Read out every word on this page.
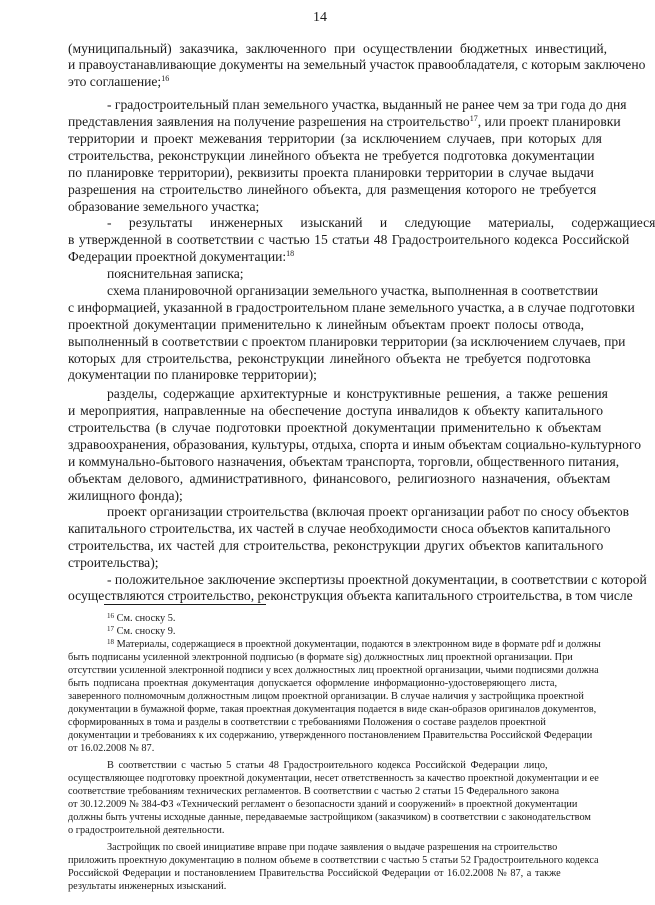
14
(муниципальный) заказчика, заключенного при осуществлении бюджетных инвестиций,
и правоустанавливающие документы на земельный участок правообладателя, с которым заключено
это соглашение;$^{16}$
- градостроительный план земельного участка, выданный не ранее чем за три года до дня
представления заявления на получение разрешения на строительство$^{17}$, или проект планировки
территории и проект межевания территории (за исключением случаев, при которых для
строительства, реконструкции линейного объекта не требуется подготовка документации
по планировке территории), реквизиты проекта планировки территории в случае выдачи
разрешения на строительство линейного объекта, для размещения которого не требуется
образование земельного участка;
- результаты инженерных изысканий и следующие материалы, содержащиеся
в утвержденной в соответствии с частью 15 статьи 48 Градостроительного кодекса Российской
Федерации проектной документации:$^{18}$
пояснительная записка;
схема планировочной организации земельного участка, выполненная в соответствии
с информацией, указанной в градостроительном плане земельного участка, а в случае подготовки
проектной документации применительно к линейным объектам проект полосы отвода,
выполненный в соответствии с проектом планировки территории (за исключением случаев, при
которых для строительства, реконструкции линейного объекта не требуется подготовка
документации по планировке территории);
разделы, содержащие архитектурные и конструктивные решения, а также решения
и мероприятия, направленные на обеспечение доступа инвалидов к объекту капитального
строительства (в случае подготовки проектной документации применительно к объектам
здравоохранения, образования, культуры, отдыха, спорта и иным объектам социально-культурного
и коммунально-бытового назначения, объектам транспорта, торговли, общественного питания,
объектам делового, административного, финансового, религиозного назначения, объектам
жилищного фонда);
проект организации строительства (включая проект организации работ по сносу объектов
капитального строительства, их частей в случае необходимости сноса объектов капитального
строительства, их частей для строительства, реконструкции других объектов капитального
строительства);
- положительное заключение экспертизы проектной документации, в соответствии с которой
осуществляются строительство, реконструкция объекта капитального строительства, в том числе
$^{16}$ См. сноску 5.
$^{17}$ См. сноску 9.
$^{18}$ Материалы, содержащиеся в проектной документации, подаются в электронном виде в формате pdf и должны
быть подписаны усиленной электронной подписью (в формате sig) должностных лиц проектной организации. При
отсутствии усиленной электронной подписи у всех должностных лиц проектной организации, чьими подписями должна
быть подписана проектная документация допускается оформление информационно-удостоверяющего листа,
заверенного полномочным должностным лицом проектной организации. В случае наличия у застройщика проектной
документации в бумажной форме, такая проектная документация подается в виде скан-образов оригиналов документов,
сформированных в тома и разделы в соответствии с требованиями Положения о составе разделов проектной
документации и требованиях к их содержанию, утвержденного постановлением Правительства Российской Федерации
от 16.02.2008 № 87.
В соответствии с частью 5 статьи 48 Градостроительного кодекса Российской Федерации лицо,
осуществляющее подготовку проектной документации, несет ответственность за качество проектной документации и ее
соответствие требованиям технических регламентов. В соответствии с частью 2 статьи 15 Федерального закона
от 30.12.2009 № 384-ФЗ «Технический регламент о безопасности зданий и сооружений» в проектной документации
должны быть учтены исходные данные, передаваемые застройщиком (заказчиком) в соответствии с законодательством
о градостроительной деятельности.
Застройщик по своей инициативе вправе при подаче заявления о выдаче разрешения на строительство
приложить проектную документацию в полном объеме в соответствии с частью 5 статьи 52 Градостроительного кодекса
Российской Федерации и постановлением Правительства Российской Федерации от 16.02.2008 № 87, а также
результаты инженерных изысканий.
